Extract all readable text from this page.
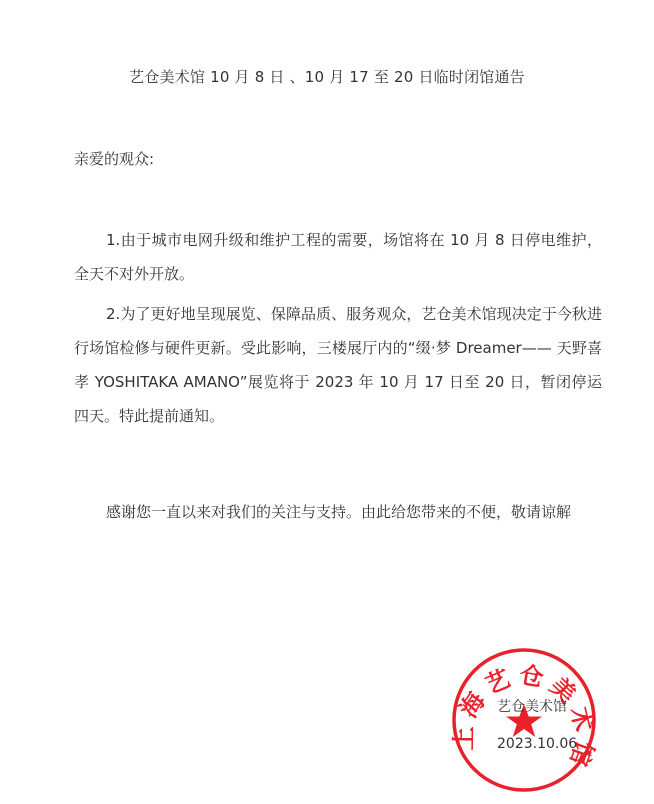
艺仓美术馆 10 月 8 日 、10 月 17 至 20 日临时闭馆通告
亲爱的观众:
1.由于城市电网升级和维护工程的需要，场馆将在 10 月 8 日停电维护，全天不对外开放。
2.为了更好地呈现展览、保障品质、服务观众，艺仓美术馆现决定于今秋进行场馆检修与硬件更新。受此影响，三楼展厅内的“缀·梦 Dreamer—— 天野喜孝 YOSHITAKA AMANO”展览将于 2023 年 10 月 17 日至 20 日，暂闭停运四天。特此提前通知。
感谢您一直以来对我们的关注与支持。由此给您带来的不便，敬请谅解
上海艺仓美术馆
艺仓美术馆
2023.10.06
